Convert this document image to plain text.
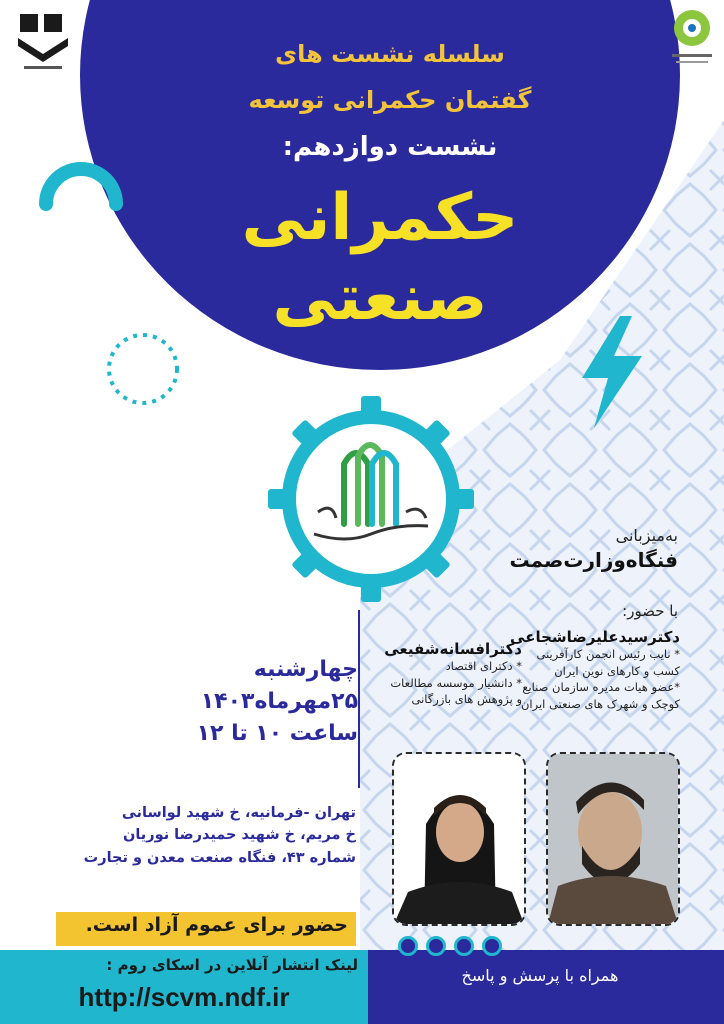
سلسله نشست های
گفتمان حکمرانی توسعه
نشست دوازدهم:
حکمرانی
صنعتی
به‌میزبانی
فنگاه‌وزارت‌صمت
با حضور:
دکترسیدعلیرضاشجاعی
* نایب رئیس انجمن کارآفرینی
کسب و کارهای نوین ایران
*عضو هیات مدیره سازمان صنایع
کوچک و شهرک های صنعتی ایران
دکترافسانه‌شفیعی
* دکترای اقتصاد
* دانشیار موسسه مطالعات
و پژوهش های بازرگانی
چهارشنبه
۲۵مهرماه۱۴۰۳
ساعت ۱۰ تا ۱۲
تهران -فرمانیه، خ شهید لواسانی
خ مریم، خ شهید حمیدرضا نوریان
شماره ۴۳، فنگاه صنعت معدن و تجارت
حضور برای عموم آزاد است.
لینک انتشار آنلاین در اسکای روم :
http://scvm.ndf.ir
همراه با پرسش و پاسخ
